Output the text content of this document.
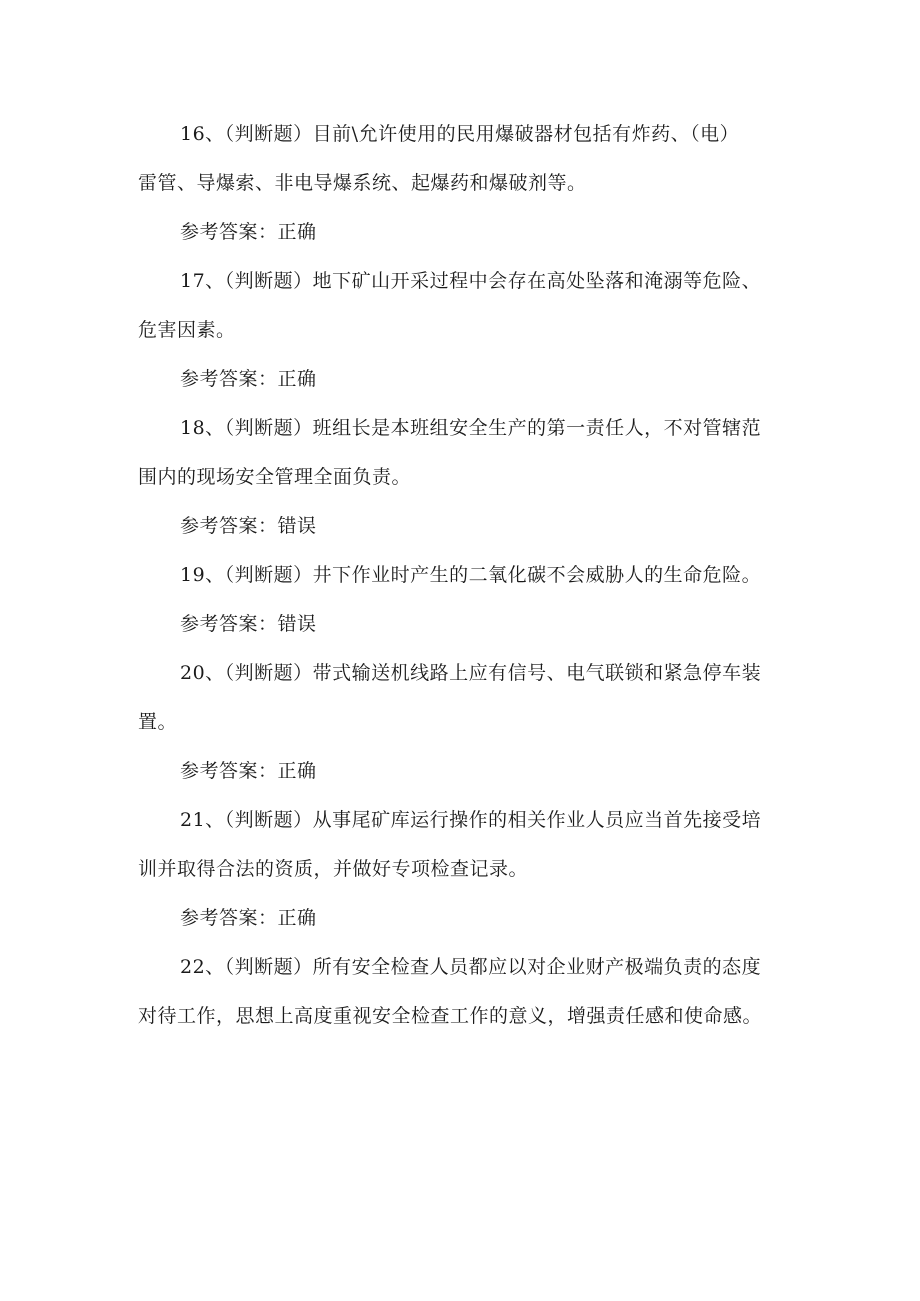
16、（判断题）目前\允许使用的民用爆破器材包括有炸药、（电）
雷管、导爆索、非电导爆系统、起爆药和爆破剂等。
参考答案：正确
17、（判断题）地下矿山开采过程中会存在高处坠落和淹溺等危险、
危害因素。
参考答案：正确
18、（判断题）班组长是本班组安全生产的第一责任人，不对管辖范
围内的现场安全管理全面负责。
参考答案：错误
19、（判断题）井下作业时产生的二氧化碳不会威胁人的生命危险。
参考答案：错误
20、（判断题）带式输送机线路上应有信号、电气联锁和紧急停车装
置。
参考答案：正确
21、（判断题）从事尾矿库运行操作的相关作业人员应当首先接受培
训并取得合法的资质，并做好专项检查记录。
参考答案：正确
22、（判断题）所有安全检查人员都应以对企业财产极端负责的态度
对待工作，思想上高度重视安全检查工作的意义，增强责任感和使命感。
